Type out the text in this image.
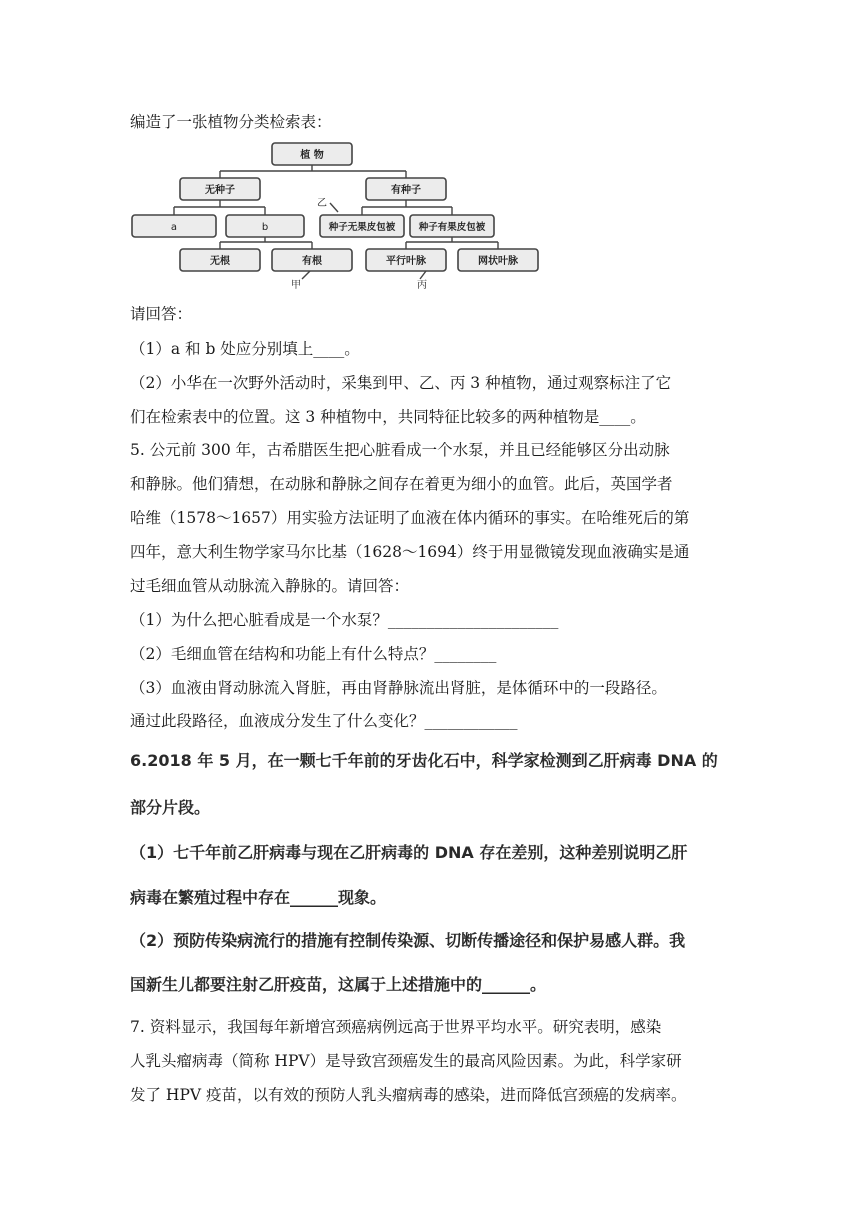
编造了一张植物分类检索表：
植 物
无种子	有种子
a	b	种子无果皮包被 种子有果皮包被
无根	有根	平行叶脉	网状叶脉
乙
甲	丙
请回答：
（1）a 和 b 处应分别填上____。
（2）小华在一次野外活动时，采集到甲、乙、丙 3 种植物，通过观察标注了它
们在检索表中的位置。这 3 种植物中，共同特征比较多的两种植物是____。
5. 公元前 300 年，古希腊医生把心脏看成一个水泵，并且已经能够区分出动脉
和静脉。他们猜想，在动脉和静脉之间存在着更为细小的血管。此后，英国学者
哈维（1578～1657）用实验方法证明了血液在体内循环的事实。在哈维死后的第
四年，意大利生物学家马尔比基（1628～1694）终于用显微镜发现血液确实是通
过毛细血管从动脉流入静脉的。请回答：
（1）为什么把心脏看成是一个水泵？______________________
（2）毛细血管在结构和功能上有什么特点？________
（3）血液由肾动脉流入肾脏，再由肾静脉流出肾脏，是体循环中的一段路径。
通过此段路径，血液成分发生了什么变化？____________
6.2018 年 5 月，在一颗七千年前的牙齿化石中，科学家检测到乙肝病毒 DNA 的
部分片段。
（1）七千年前乙肝病毒与现在乙肝病毒的 DNA 存在差别，这种差别说明乙肝
病毒在繁殖过程中存在______现象。
（2）预防传染病流行的措施有控制传染源、切断传播途径和保护易感人群。我
国新生儿都要注射乙肝疫苗，这属于上述措施中的______。
7. 资料显示，我国每年新增宫颈癌病例远高于世界平均水平。研究表明，感染
人乳头瘤病毒（简称 HPV）是导致宫颈癌发生的最高风险因素。为此，科学家研
发了 HPV 疫苗，以有效的预防人乳头瘤病毒的感染，进而降低宫颈癌的发病率。
